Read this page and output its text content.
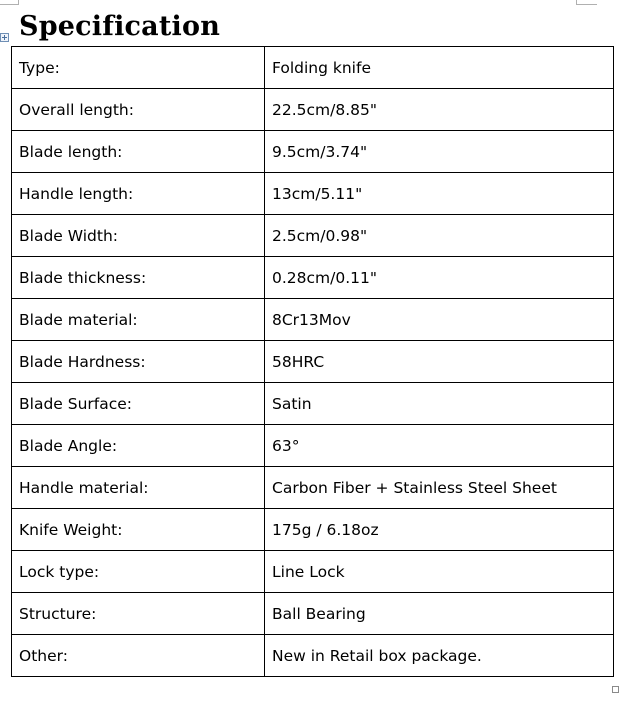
Specification
Type:	Folding knife
Overall length:	22.5cm/8.85"
Blade length:	9.5cm/3.74"
Handle length:	13cm/5.11"
Blade Width:	2.5cm/0.98"
Blade thickness:	0.28cm/0.11"
Blade material:	8Cr13Mov
Blade Hardness:	58HRC
Blade Surface:	Satin
Blade Angle:	63°
Handle material:	Carbon Fiber + Stainless Steel Sheet
Knife Weight:	175g / 6.18oz
Lock type:	Line Lock
Structure:	Ball Bearing
Other:	New in Retail box package.
